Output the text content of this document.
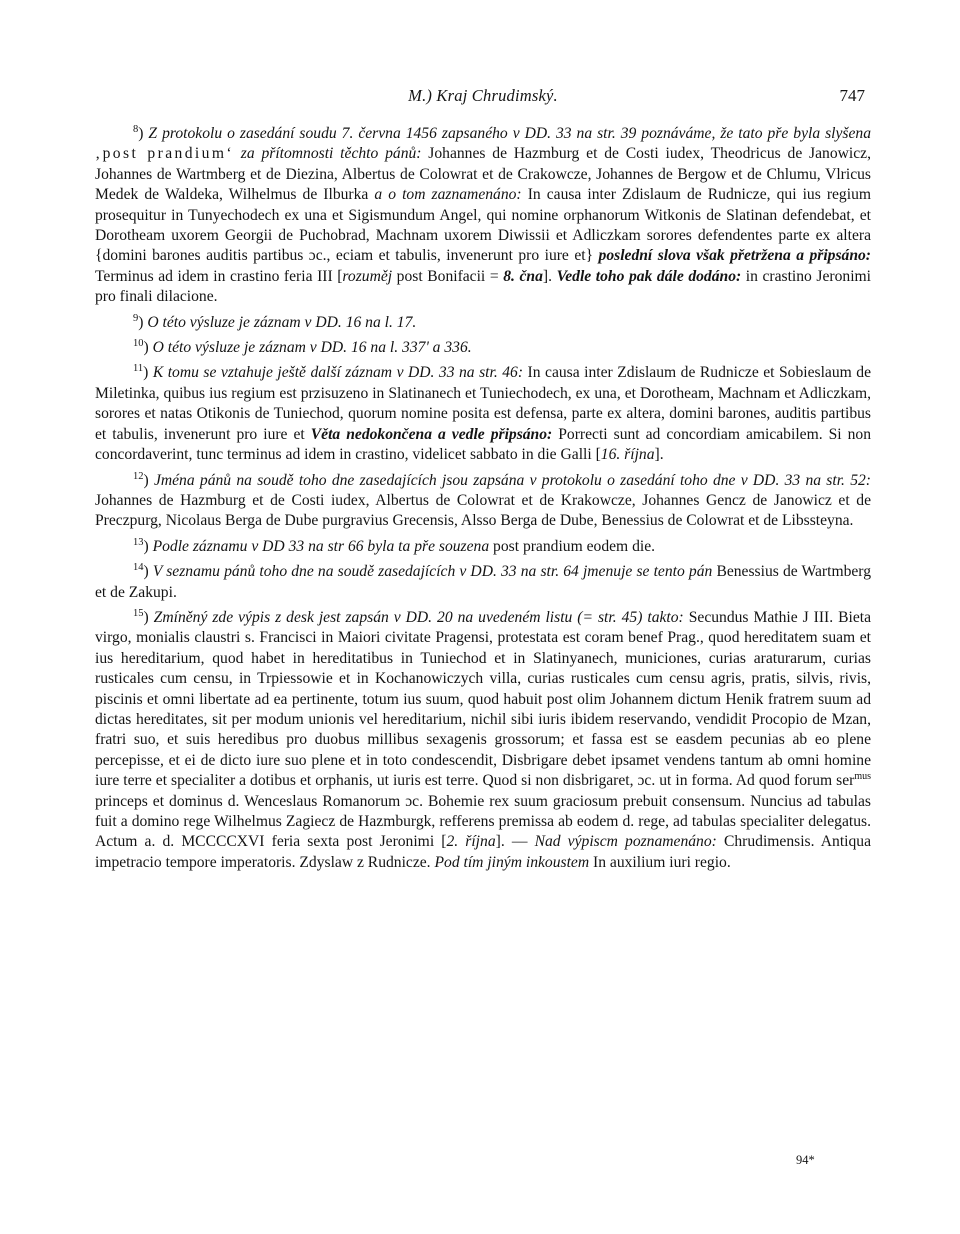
M.) Kraj Chrudimský.	747

$^8$) Z protokolu o zasedání soudu 7. června 1456 zapsaného v DD. 33 na str. 39 poznáváme, že tato pře byla slyšena ‚post prandium‘ za přítomnosti těchto pánů: Johannes de Hazmburg et de Costi iudex, Theodricus de Janowicz, Johannes de Wartmberg et de Diezina, Albertus de Colowrat et de Crakowcze, Johannes de Bergow et de Chlumu, Vlricus Medek de Waldeka, Wilhelmus de Ilburka a o tom zaznamenáno: In causa inter Zdislaum de Rudnicze, qui ius regium prosequitur in Tunyechodech ex una et Sigismundum Angel, qui nomine orphanorum Witkonis de Slatinan defendebat, et Dorotheam uxorem Georgii de Puchobrad, Machnam uxorem Diwissii et Adliczkam sorores defendentes parte ex altera {domini barones auditis partibus ɔc., eciam et tabulis, invenerunt pro iure et} poslední slova však přetržena a připsáno: Terminus ad idem in crastino feria III [rozuměj post Bonifacii = 8. čna]. Vedle toho pak dále dodáno: in crastino Jeronimi pro finali dilacione.

$^9$) O této výsluze je záznam v DD. 16 na l. 17.

$^{10}$) O této výsluze je záznam v DD. 16 na l. 337' a 336.

$^{11}$) K tomu se vztahuje ještě další záznam v DD. 33 na str. 46: In causa inter Zdislaum de Rudnicze et Sobieslaum de Miletinka, quibus ius regium est przisuzeno in Slatinanech et Tuniechodech, ex una, et Dorotheam, Machnam et Adliczkam, sorores et natas Otikonis de Tuniechod, quorum nomine posita est defensa, parte ex altera, domini barones, auditis partibus et tabulis, invenerunt pro iure et Věta nedokončena a vedle připsáno: Porrecti sunt ad concordiam amicabilem. Si non concordaverint, tunc terminus ad idem in crastino, videlicet sabbato in die Galli [16. října].

$^{12}$) Jména pánů na soudě toho dne zasedajících jsou zapsána v protokolu o zasedání toho dne v DD. 33 na str. 52: Johannes de Hazmburg et de Costi iudex, Albertus de Colowrat et de Krakowcze, Johannes Gencz de Janowicz et de Preczpurg, Nicolaus Berga de Dube purgravius Grecensis, Alsso Berga de Dube, Benessius de Colowrat et de Libssteyna.

$^{13}$) Podle záznamu v DD 33 na str 66 byla ta pře souzena post prandium eodem die.

$^{14}$) V seznamu pánů toho dne na soudě zasedajících v DD. 33 na str. 64 jmenuje se tento pán Benessius de Wartmberg et de Zakupi.

$^{15}$) Zmíněný zde výpis z desk jest zapsán v DD. 20 na uvedeném listu (= str. 45) takto: Secundus Mathie J III. Bieta virgo, monialis claustri s. Francisci in Maiori civitate Pragensi, protestata est coram benef Prag., quod hereditatem suam et ius hereditarium, quod habet in hereditatibus in Tuniechod et in Slatinyanech, municiones, curias araturarum, curias rusticales cum censu, in Trpiessowie et in Kochanowiczych villa, curias rusticales cum censu agris, pratis, silvis, rivis, piscinis et omni libertate ad ea pertinente, totum ius suum, quod habuit post olim Johannem dictum Henik fratrem suum ad dictas hereditates, sit per modum unionis vel hereditarium, nichil sibi iuris ibidem reservando, vendidit Procopio de Mzan, fratri suo, et suis heredibus pro duobus millibus sexagenis grossorum; et fassa est se easdem pecunias ab eo plene percepisse, et ei de dicto iure suo plene et in toto condescendit, Disbrigare debet ipsamet vendens tantum ab omni homine iure terre et specialiter a dotibus et orphanis, ut iuris est terre. Quod si non disbrigaret, ɔc. ut in forma. Ad quod forum ser$^{mus}$ princeps et dominus d. Wenceslaus Romanorum ɔc. Bohemie rex suum graciosum prebuit consensum. Nuncius ad tabulas fuit a domino rege Wilhelmus Zagiecz de Hazmburgk, refferens premissa ab eodem d. rege, ad tabulas specialiter delegatus. Actum a. d. MCCCCXVI feria sexta post Jeronimi [2. října]. — Nad výpiscm poznamenáno: Chrudimensis. Antiqua impetracio tempore imperatoris. Zdyslaw z Rudnicze. Pod tím jiným inkoustem In auxilium iuri regio.

94*
